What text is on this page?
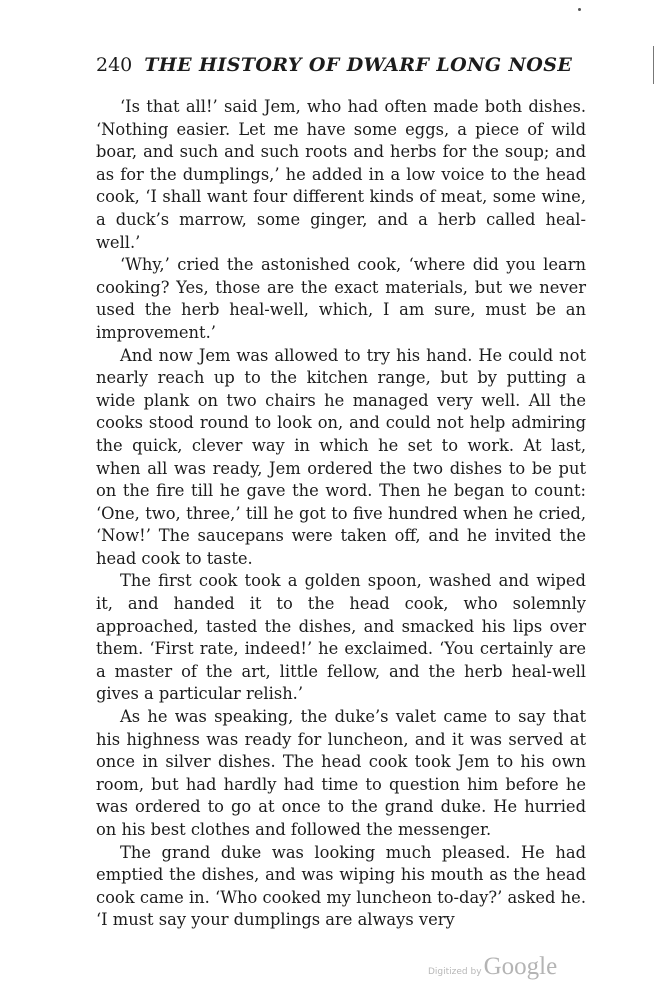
240 THE HISTORY OF DWARF LONG NOSE

‘Is that all!’ said Jem, who had often made both dishes. ‘Nothing easier. Let me have some eggs, a piece of wild boar, and such and such roots and herbs for the soup; and as for the dumplings,’ he added in a low voice to the head cook, ‘I shall want four different kinds of meat, some wine, a duck’s marrow, some ginger, and a herb called heal-well.’

‘Why,’ cried the astonished cook, ‘where did you learn cooking? Yes, those are the exact materials, but we never used the herb heal-well, which, I am sure, must be an improvement.’

And now Jem was allowed to try his hand. He could not nearly reach up to the kitchen range, but by putting a wide plank on two chairs he managed very well. All the cooks stood round to look on, and could not help admiring the quick, clever way in which he set to work. At last, when all was ready, Jem ordered the two dishes to be put on the fire till he gave the word. Then he began to count: ‘One, two, three,’ till he got to five hundred when he cried, ‘Now!’ The saucepans were taken off, and he invited the head cook to taste.

The first cook took a golden spoon, washed and wiped it, and handed it to the head cook, who solemnly approached, tasted the dishes, and smacked his lips over them. ‘First rate, indeed!’ he exclaimed. ‘You certainly are a master of the art, little fellow, and the herb heal-well gives a particular relish.’

As he was speaking, the duke’s valet came to say that his highness was ready for luncheon, and it was served at once in silver dishes. The head cook took Jem to his own room, but had hardly had time to question him before he was ordered to go at once to the grand duke. He hurried on his best clothes and followed the messenger.

The grand duke was looking much pleased. He had emptied the dishes, and was wiping his mouth as the head cook came in. ‘Who cooked my luncheon to-day?’ asked he. ‘I must say your dumplings are always very

Digitized by Google
